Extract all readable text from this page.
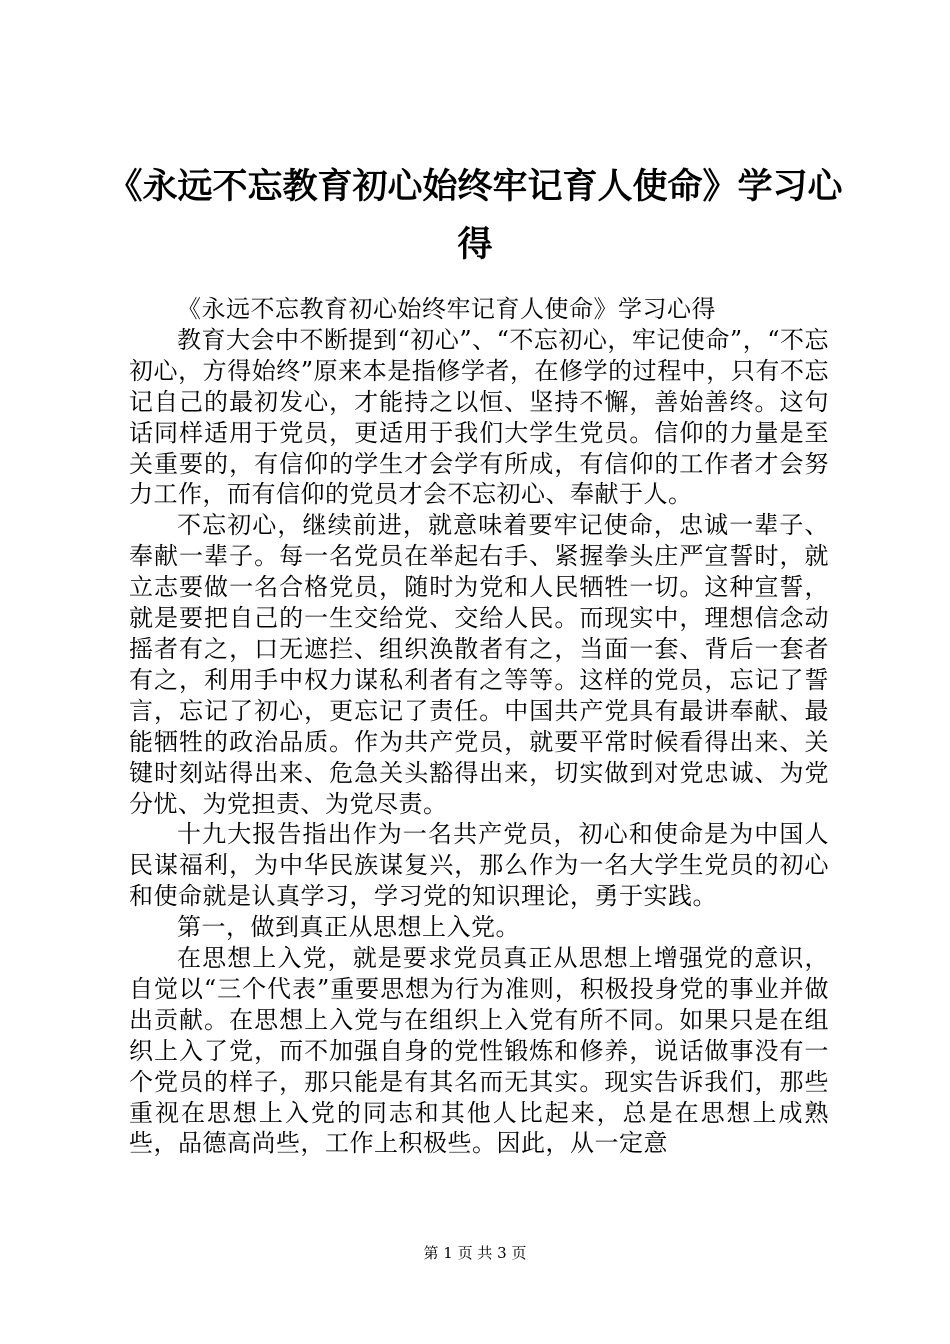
《永远不忘教育初心始终牢记育人使命》学习心得

《永远不忘教育初心始终牢记育人使命》学习心得

教育大会中不断提到“初心”、“不忘初心，牢记使命”，“不忘初心，方得始终”原来本是指修学者，在修学的过程中，只有不忘记自己的最初发心，才能持之以恒、坚持不懈，善始善终。这句话同样适用于党员，更适用于我们大学生党员。信仰的力量是至关重要的，有信仰的学生才会学有所成，有信仰的工作者才会努力工作，而有信仰的党员才会不忘初心、奉献于人。

不忘初心，继续前进，就意味着要牢记使命，忠诚一辈子、奉献一辈子。每一名党员在举起右手、紧握拳头庄严宣誓时，就立志要做一名合格党员，随时为党和人民牺牲一切。这种宣誓，就是要把自己的一生交给党、交给人民。而现实中，理想信念动摇者有之，口无遮拦、组织涣散者有之，当面一套、背后一套者有之，利用手中权力谋私利者有之等等。这样的党员，忘记了誓言，忘记了初心，更忘记了责任。中国共产党具有最讲奉献、最能牺牲的政治品质。作为共产党员，就要平常时候看得出来、关键时刻站得出来、危急关头豁得出来，切实做到对党忠诚、为党分忧、为党担责、为党尽责。

十九大报告指出作为一名共产党员，初心和使命是为中国人民谋福利，为中华民族谋复兴，那么作为一名大学生党员的初心和使命就是认真学习，学习党的知识理论，勇于实践。

第一，做到真正从思想上入党。

在思想上入党，就是要求党员真正从思想上增强党的意识，自觉以“三个代表”重要思想为行为准则，积极投身党的事业并做出贡献。在思想上入党与在组织上入党有所不同。如果只是在组织上入了党，而不加强自身的党性锻炼和修养，说话做事没有一个党员的样子，那只能是有其名而无其实。现实告诉我们，那些重视在思想上入党的同志和其他人比起来，总是在思想上成熟些，品德高尚些，工作上积极些。因此，从一定意

第 1 页 共 3 页
